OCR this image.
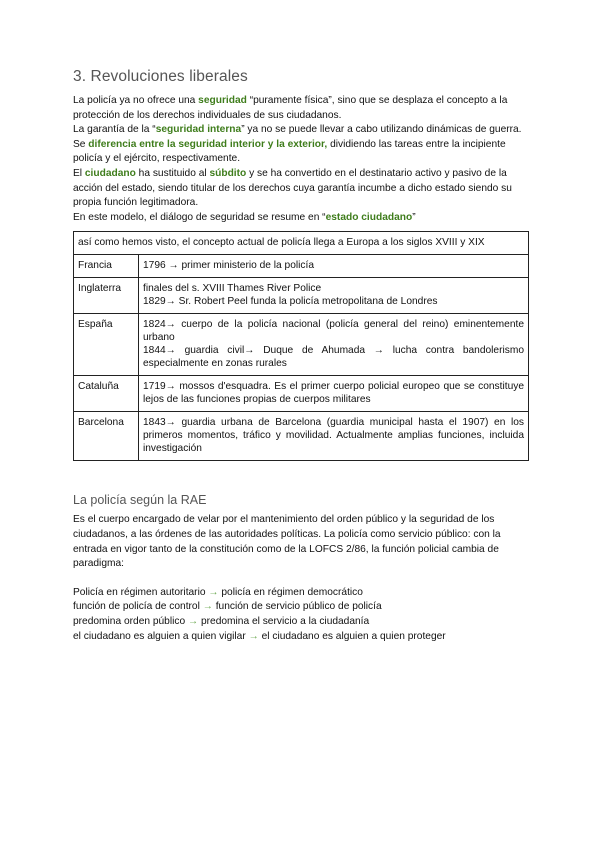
3. Revoluciones liberales

La policía ya no ofrece una seguridad “puramente física”, sino que se desplaza el concepto a la protección de los derechos individuales de sus ciudadanos.

La garantía de la “seguridad interna” ya no se puede llevar a cabo utilizando dinámicas de guerra. Se diferencia entre la seguridad interior y la exterior, dividiendo las tareas entre la incipiente policía y el ejército, respectivamente.

El ciudadano ha sustituido al súbdito y se ha convertido en el destinatario activo y pasivo de la acción del estado, siendo titular de los derechos cuya garantía incumbe a dicho estado siendo su propia función legitimadora.

En este modelo, el diálogo de seguridad se resume en “estado ciudadano”

así como hemos visto, el concepto actual de policía llega a Europa a los siglos XVIII y XIX	
Francia	1796 → primer ministerio de la policía

Inglaterra	finales del s. XVIII Thames River Police
1829→ Sr. Robert Peel funda la policía metropolitana de Londres

España	1824→ cuerpo de la policía nacional (policía general del reino) eminentemente urbano
1844→ guardia civil→ Duque de Ahumada → lucha contra bandolerismo especialmente en zonas rurales

Cataluña	1719→ mossos d'esquadra. Es el primer cuerpo policial europeo que se constituye lejos de las funciones propias de cuerpos militares

Barcelona	1843→ guardia urbana de Barcelona (guardia municipal hasta el 1907) en los primeros momentos, tráfico y movilidad. Actualmente amplias funciones, incluida investigación
La policía según la RAE

Es el cuerpo encargado de velar por el mantenimiento del orden público y la seguridad de los ciudadanos, a las órdenes de las autoridades políticas. La policía como servicio público: con la entrada en vigor tanto de la constitución como de la LOFCS 2/86, la función policial cambia de paradigma:

Policía en régimen autoritario → policía en régimen democrático

función de policía de control → función de servicio público de policía

predomina orden público → predomina el servicio a la ciudadanía

el ciudadano es alguien a quien vigilar → el ciudadano es alguien a quien proteger
